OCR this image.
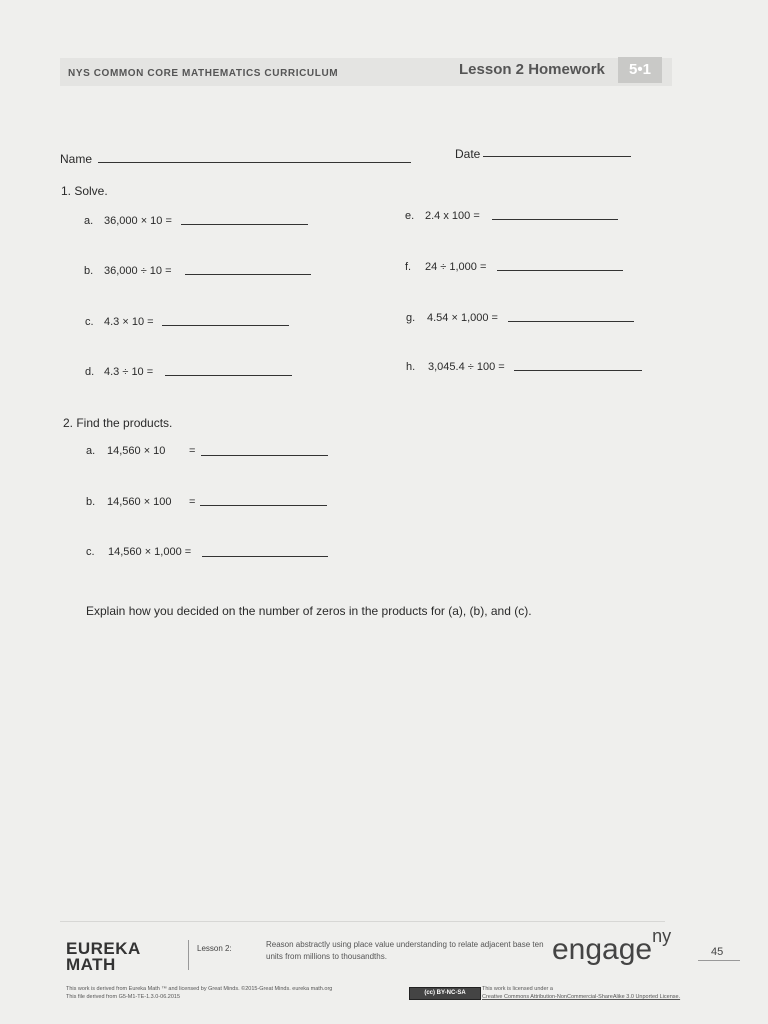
NYS COMMON CORE MATHEMATICS CURRICULUM	Lesson 2 Homework	5•1
Name	Date
1. Solve.
a. 36,000 × 10 =
b. 36,000 ÷ 10 =
c. 4.3 × 10 =
d. 4.3 ÷ 10 =
e. 2.4 x 100 =
f. 24 ÷ 1,000 =
g. 4.54 × 1,000 =
h. 3,045.4 ÷ 100 =
2. Find the products.
a. 14,560 × 10 =
b. 14,560 × 100 =
c. 14,560 × 1,000 =
Explain how you decided on the number of zeros in the products for (a), (b), and (c).
EUREKA
MATH
Lesson 2:	Reason abstractly using place value understanding to relate adjacent base ten units from millions to thousandths.	engage$^{ny}$
45
This work is derived from Eureka Math ™ and licensed by Great Minds. ©2015-Great Minds. eureka math.org
This file derived from G5-M1-TE-1.3.0-06.2015
(cc) BY-NC-SA
This work is licensed under a
Creative Commons Attribution-NonCommercial-ShareAlike 3.0 Unported License.
